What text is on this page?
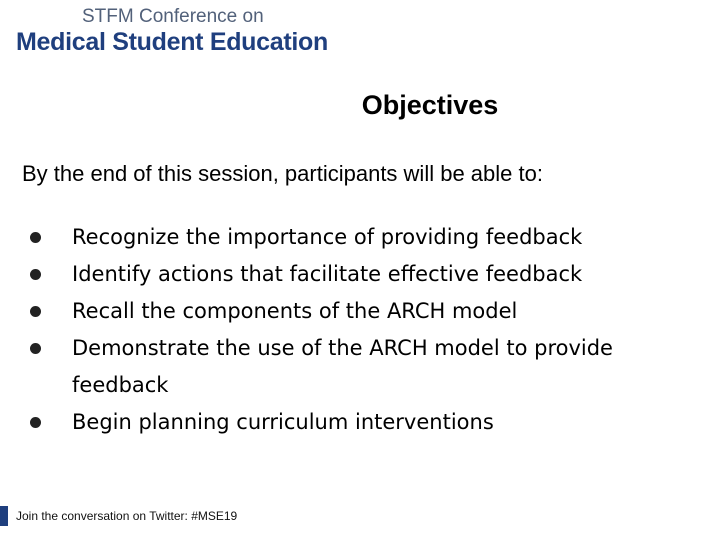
STFM Conference on
Medical Student Education
Objectives
By the end of this session, participants will be able to:
Recognize the importance of providing feedback
Identify actions that facilitate effective feedback
Recall the components of the ARCH model
Demonstrate the use of the ARCH model to provide feedback
Begin planning curriculum interventions
Join the conversation on Twitter: #MSE19
